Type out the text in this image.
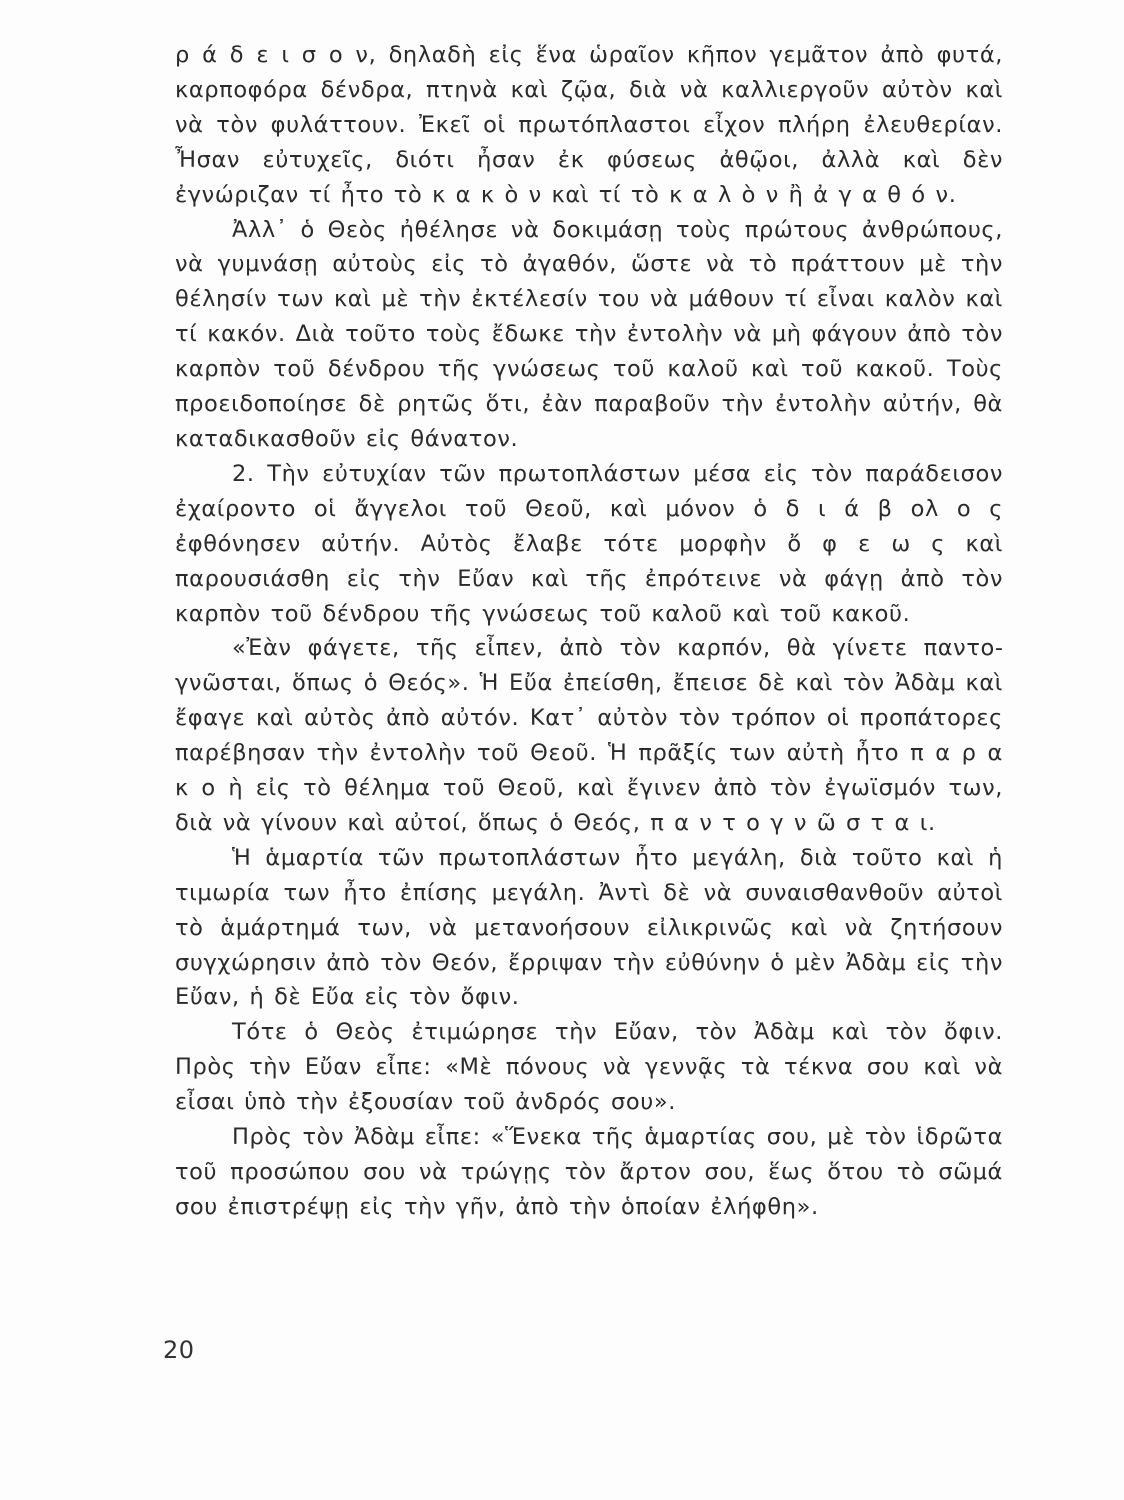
ρ ά δ ε ι σ ο ν, δηλαδὴ εἰς ἕνα ὡραῖον κῆπον γεμᾶτον ἀπὸ φυτά, καρποφόρα δένδρα, πτηνὰ καὶ ζῷα, διὰ νὰ καλλιεργοῦν αὐτὸν καὶ νὰ τὸν φυλάττουν. Ἐκεῖ οἱ πρωτόπλαστοι εἶχον πλήρη ἐλευθερίαν. Ἦσαν εὐτυχεῖς, διότι ἦσαν ἐκ φύσεως ἀθῷοι, ἀλλὰ καὶ δὲν ἐγνώριζαν τί ἦτο τὸ κ α κ ὸ ν καὶ τί τὸ κ α λ ὸ ν ἢ ἀ γ α θ ό ν.

Ἀλλ᾽ ὁ Θεὸς ἠθέλησε νὰ δοκιμάσῃ τοὺς πρώτους ἀνθρώπους, νὰ γυμνάσῃ αὐτοὺς εἰς τὸ ἀγαθόν, ὥστε νὰ τὸ πράττουν μὲ τὴν θέλησίν των καὶ μὲ τὴν ἐκτέλεσίν του νὰ μάθουν τί εἶναι καλὸν καὶ τί κακόν. Διὰ τοῦτο τοὺς ἔδωκε τὴν ἐντολὴν νὰ μὴ φάγουν ἀπὸ τὸν καρπὸν τοῦ δένδρου τῆς γνώσεως τοῦ καλοῦ καὶ τοῦ κακοῦ. Τοὺς προειδοποίησε δὲ ρητῶς ὅτι, ἐὰν παραβοῦν τὴν ἐντολὴν αὐτήν, θὰ καταδικασθοῦν εἰς θάνατον.

2. Τὴν εὐτυχίαν τῶν πρωτοπλάστων μέσα εἰς τὸν παράδεισον ἐχαίροντο οἱ ἄγγελοι τοῦ Θεοῦ, καὶ μόνον ὁ δ ι ά β ολ ο ς ἐφθόνησεν αὐτήν. Αὐτὸς ἔλαβε τότε μορφὴν ὄ φ ε ω ς καὶ παρουσιάσθη εἰς τὴν Εὔαν καὶ τῆς ἐπρότεινε νὰ φάγῃ ἀπὸ τὸν καρπὸν τοῦ δένδρου τῆς γνώσεως τοῦ καλοῦ καὶ τοῦ κακοῦ.

«Ἐὰν φάγετε, τῆς εἶπεν, ἀπὸ τὸν καρπόν, θὰ γίνετε παντογνῶσται, ὅπως ὁ Θεός». Ἡ Εὔα ἐπείσθη, ἔπεισε δὲ καὶ τὸν Ἀδὰμ καὶ ἔφαγε καὶ αὐτὸς ἀπὸ αὐτόν. Κατ᾽ αὐτὸν τὸν τρόπον οἱ προπάτορες παρέβησαν τὴν ἐντολὴν τοῦ Θεοῦ. Ἡ πρᾶξίς των αὐτὴ ἦτο π α ρ α κ ο ὴ εἰς τὸ θέλημα τοῦ Θεοῦ, καὶ ἔγινεν ἀπὸ τὸν ἐγωϊσμόν των, διὰ νὰ γίνουν καὶ αὐτοί, ὅπως ὁ Θεός, π α ν τ ο γ ν ῶ σ τ α ι.

Ἡ ἁμαρτία τῶν πρωτοπλάστων ἦτο μεγάλη, διὰ τοῦτο καὶ ἡ τιμωρία των ἦτο ἐπίσης μεγάλη. Ἀντὶ δὲ νὰ συναισθανθοῦν αὐτοὶ τὸ ἁμάρτημά των, νὰ μετανοήσουν εἰλικρινῶς καὶ νὰ ζητήσουν συγχώρησιν ἀπὸ τὸν Θεόν, ἔρριψαν τὴν εὐθύνην ὁ μὲν Ἀδὰμ εἰς τὴν Εὔαν, ἡ δὲ Εὔα εἰς τὸν ὄφιν.

Τότε ὁ Θεὸς ἐτιμώρησε τὴν Εὔαν, τὸν Ἀδὰμ καὶ τὸν ὄφιν. Πρὸς τὴν Εὔαν εἶπε: «Μὲ πόνους νὰ γεννᾷς τὰ τέκνα σου καὶ νὰ εἶσαι ὑπὸ τὴν ἐξουσίαν τοῦ ἀνδρός σου».

Πρὸς τὸν Ἀδὰμ εἶπε: «Ἕνεκα τῆς ἁμαρτίας σου, μὲ τὸν ἱδρῶτα τοῦ προσώπου σου νὰ τρώγῃς τὸν ἄρτον σου, ἕως ὅτου τὸ σῶμά σου ἐπιστρέψῃ εἰς τὴν γῆν, ἀπὸ τὴν ὁποίαν ἐλήφθη».

20
